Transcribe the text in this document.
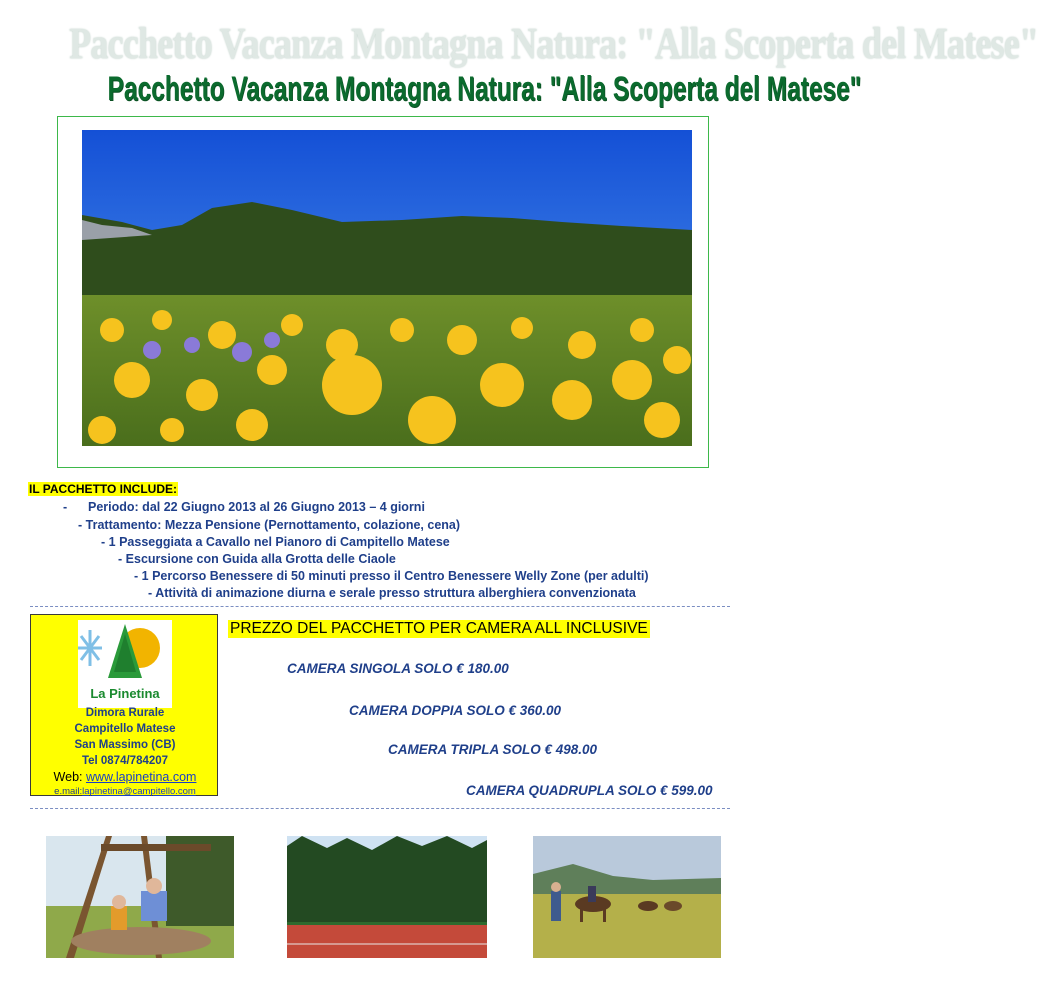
Pacchetto Vacanza Montagna Natura: "Alla Scoperta del Matese"
Pacchetto Vacanza Montagna Natura: "Alla Scoperta del Matese"
IL PACCHETTO INCLUDE:
- Periodo: dal 22 Giugno 2013 al 26 Giugno 2013 – 4 giorni
- Trattamento: Mezza Pensione (Pernottamento, colazione, cena)
- 1 Passeggiata a Cavallo nel Pianoro di Campitello Matese
- Escursione con Guida alla Grotta delle Ciaole
- 1 Percorso Benessere di 50 minuti presso il Centro Benessere Welly Zone (per adulti)
- Attività di animazione diurna e serale presso struttura alberghiera convenzionata
La Pinetina
Dimora Rurale
Campitello Matese
San Massimo (CB)
Tel 0874/784207
Web: www.lapinetina.com
e.mail:lapinetina@campitello.com
PREZZO DEL PACCHETTO PER CAMERA ALL INCLUSIVE
CAMERA SINGOLA SOLO € 180.00
CAMERA DOPPIA SOLO € 360.00
CAMERA TRIPLA SOLO € 498.00
CAMERA QUADRUPLA SOLO € 599.00
